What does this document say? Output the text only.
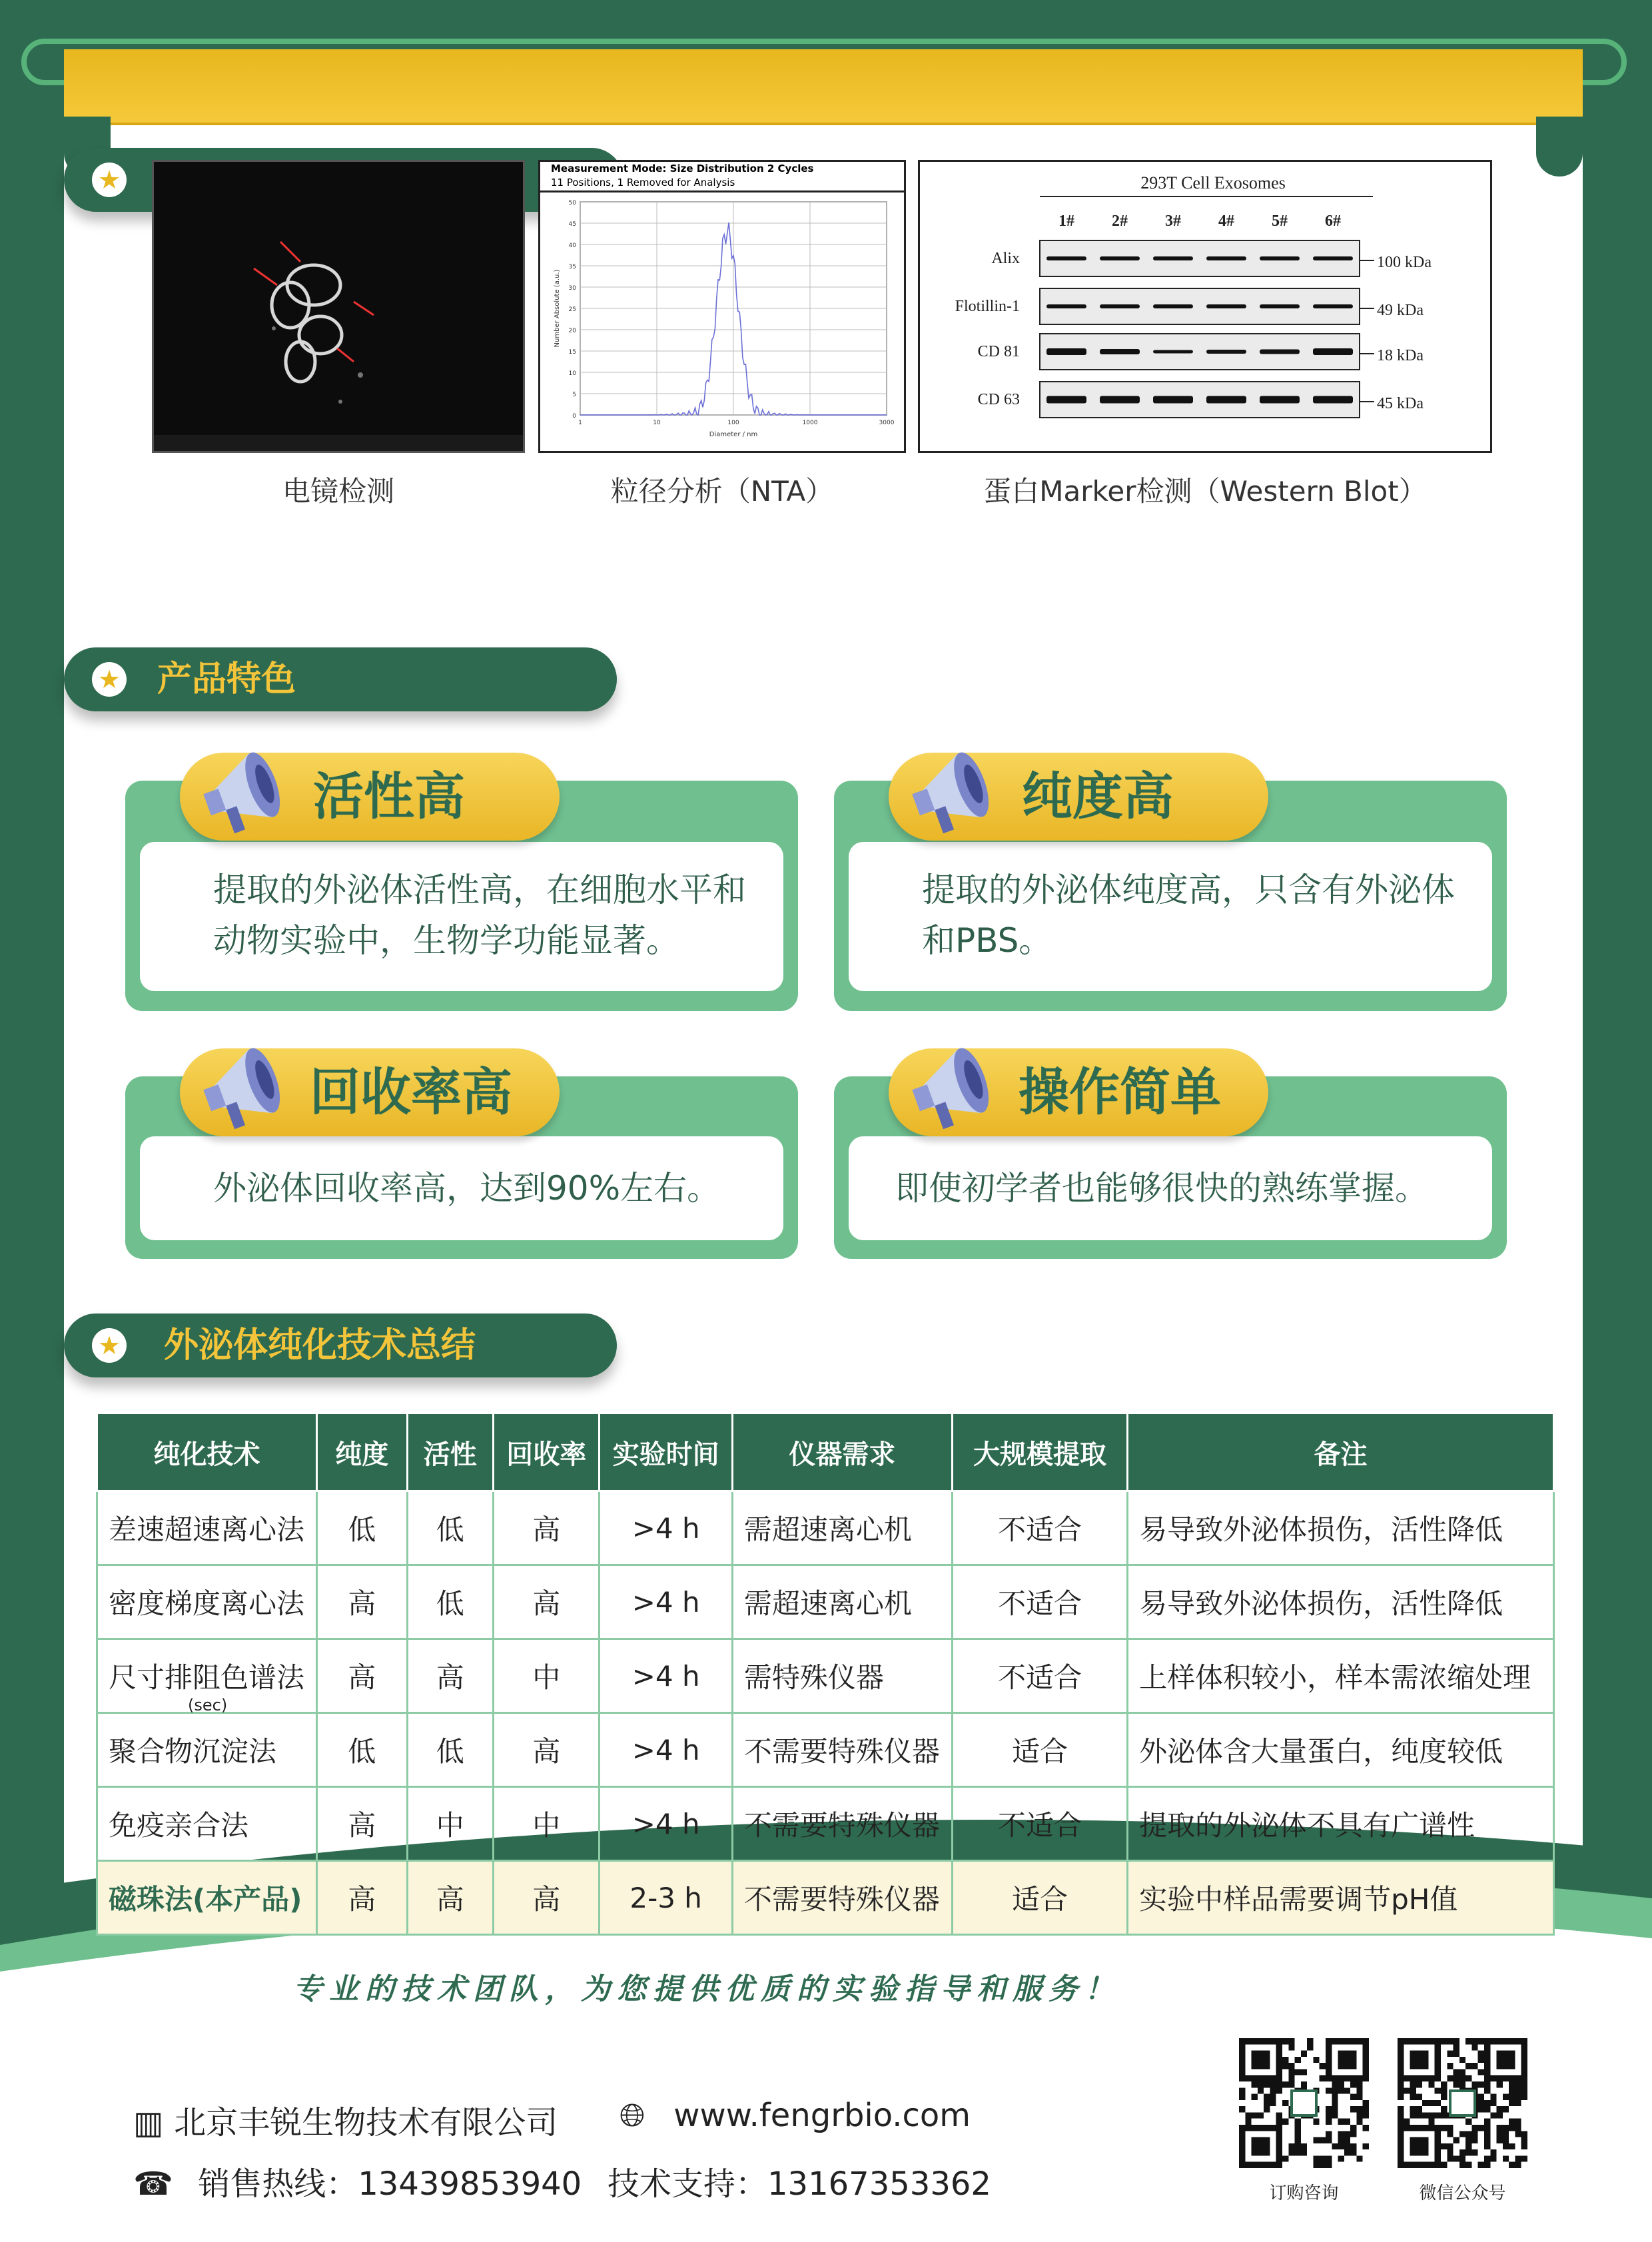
★
电镜检测
Measurement Mode: Size Distribution 2 Cycles
11 Positions, 1 Removed for Analysis
50
45
40
35
30
25
20
15
10
5
0
1	10	100	1000	3000
Diameter / nm
Number Absolute (a.u.)
粒径分析（NTA）
293T Cell Exosomes
1# 2# 3# 4# 5# 6#
Alix	100 kDa
Flotillin-1	49 kDa
CD 81	18 kDa
CD 63	45 kDa
蛋白Marker检测（Western Blot）
★ 产品特色
提取的外泌体活性高，在细胞水平和动物实验中，生物学功能显著。
提取的外泌体纯度高，只含有外泌体和PBS。
外泌体回收率高，达到90%左右。	即使初学者也能够很快的熟练掌握。
活性高	纯度高
回收率高	操作简单
★ 外泌体纯化技术总结
纯化技术	纯度	活性	回收率	实验时间	仪器需求	大规模提取	备注
差速超速离心法	低	低	高	>4 h	需超速离心机	不适合	易导致外泌体损伤，活性降低
密度梯度离心法	高	低	高	>4 h	需超速离心机	不适合	易导致外泌体损伤，活性降低
尺寸排阻色谱法
(sec)	高	高	中	>4 h	需特殊仪器	不适合	上样体积较小，样本需浓缩处理
聚合物沉淀法	低	低	高	>4 h	不需要特殊仪器	适合	外泌体含大量蛋白，纯度较低
免疫亲合法	高	中	中	>4 h	不需要特殊仪器	不适合	提取的外泌体不具有广谱性
磁珠法(本产品)	高	高	高	2-3 h	不需要特殊仪器	适合	实验中样品需要调节pH值
专业的技术团队，为您提供优质的实验指导和服务！
▥ 北京丰锐生物技术有限公司 🌐︎ www.fengrbio.com
☎ 销售热线：13439853940 技术支持：13167353362	订购咨询	微信公众号
